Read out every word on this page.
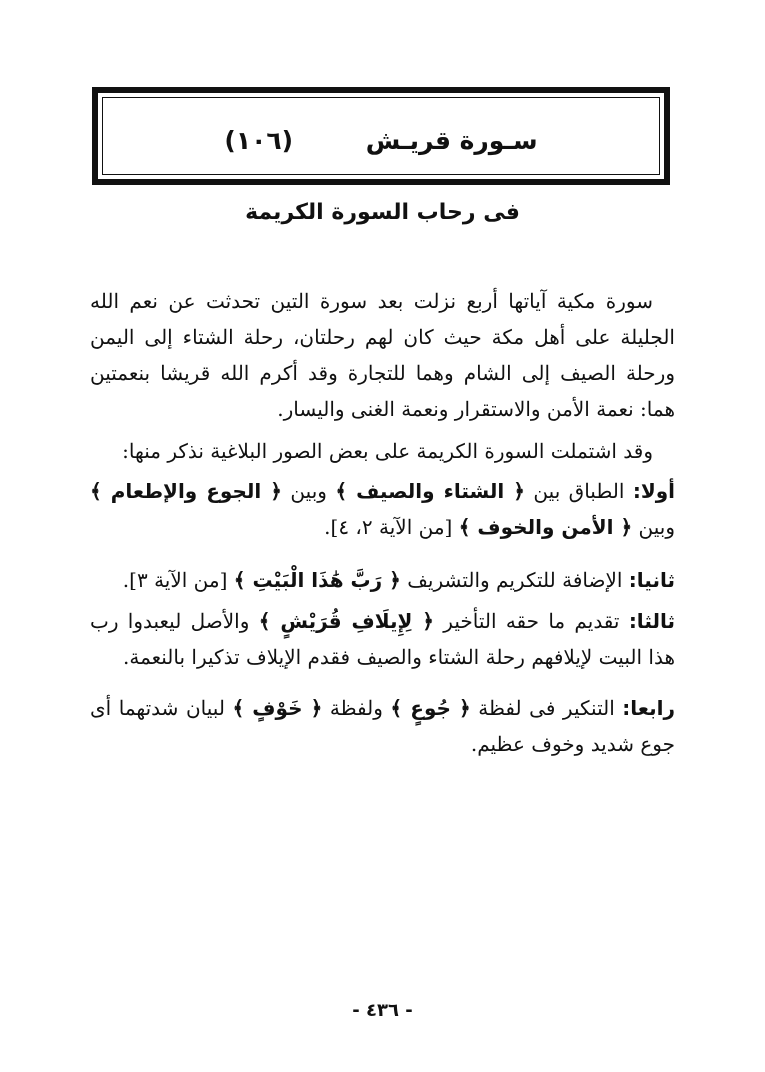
سـورة قريـش (١٠٦)
فى رحاب السورة الكريمة

سورة مكية آياتها أربع نزلت بعد سورة التين تحدثت عن نعم الله الجليلة على أهل مكة حيث كان لهم رحلتان، رحلة الشتاء إلى اليمن ورحلة الصيف إلى الشام وهما للتجارة وقد أكرم الله قريشا بنعمتين هما: نعمة الأمن والاستقرار ونعمة الغنى واليسار.

وقد اشتملت السورة الكريمة على بعض الصور البلاغية نذكر منها:

أولا: الطباق بين ﴿ الشتاء والصيف ﴾ وبين ﴿ الجوع والإطعام ﴾ وبين ﴿ الأمن والخوف ﴾ [من الآية ٢، ٤].

ثانيا: الإضافة للتكريم والتشريف ﴿ رَبَّ هَٰذَا الْبَيْتِ ﴾ [من الآية ٣].

ثالثا: تقديم ما حقه التأخير ﴿ لِإِيلَافِ قُرَيْشٍ ﴾ والأصل ليعبدوا رب هذا البيت لإيلافهم رحلة الشتاء والصيف فقدم الإيلاف تذكيرا بالنعمة.

رابعا: التنكير فى لفظة ﴿ جُوعٍ ﴾ ولفظة ﴿ خَوْفٍ ﴾ لبيان شدتهما أى جوع شديد وخوف عظيم.

- ٤٣٦ -
